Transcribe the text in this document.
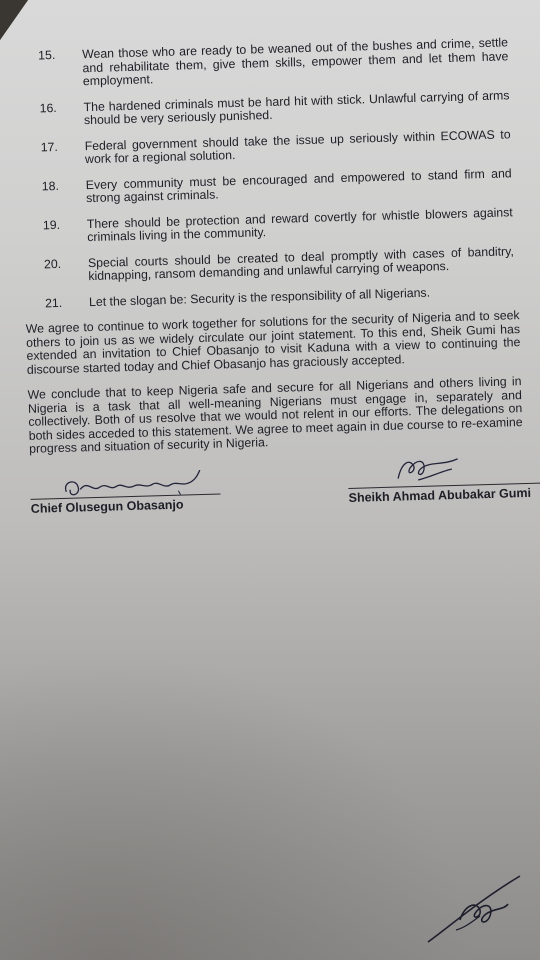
15.	Wean those who are ready to be weaned out of the bushes and crime, settle and rehabilitate them, give them skills, empower them and let them have employment.
16.	The hardened criminals must be hard hit with stick. Unlawful carrying of arms should be very seriously punished.
17.	Federal government should take the issue up seriously within ECOWAS to work for a regional solution.
18.	Every community must be encouraged and empowered to stand firm and strong against criminals.
19.	There should be protection and reward covertly for whistle blowers against criminals living in the community.
20.	Special courts should be created to deal promptly with cases of banditry, kidnapping, ransom demanding and unlawful carrying of weapons.
21.	Let the slogan be: Security is the responsibility of all Nigerians.

We agree to continue to work together for solutions for the security of Nigeria and to seek others to join us as we widely circulate our joint statement. To this end, Sheik Gumi has extended an invitation to Chief Obasanjo to visit Kaduna with a view to continuing the discourse started today and Chief Obasanjo has graciously accepted.

We conclude that to keep Nigeria safe and secure for all Nigerians and others living in Nigeria is a task that all well-meaning Nigerians must engage in, separately and collectively. Both of us resolve that we would not relent in our efforts. The delegations on both sides acceded to this statement. We agree to meet again in due course to re-examine progress and situation of security in Nigeria.

Chief Olusegun Obasanjo
Sheikh Ahmad Abubakar Gumi
